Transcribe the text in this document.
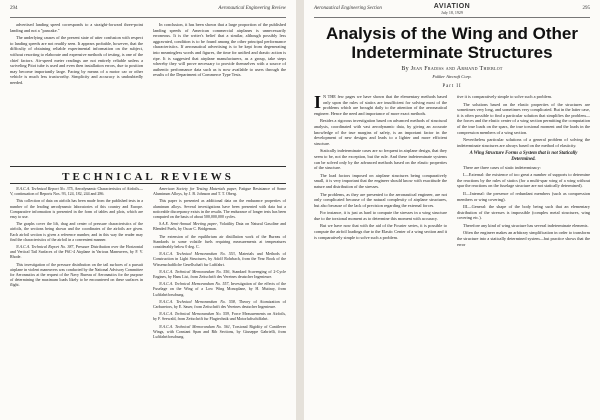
294	Aeronautical Engineering Review

advertised landing speed corresponds to a straight-forward three-point landing and not a "pancake."

The underlying causes of the present state of utter confusion with respect to landing speeds are not readily seen. It appears probable, however, that the difficulty of obtaining reliable experimental information on the subject, without resorting to elaborate and expensive methods of testing, is one of the chief factors. Air-speed meter readings are not entirely reliable unless a swiveling Pitot tube is used and even then installation errors, due to position may become importantly large. Facing by means of a motor car or other vehicle is much less trustworthy. Simplicity and accuracy is undoubtedly needed.

In conclusion, it has been shown that a large proportion of the published landing speeds of American commercial airplanes is unnecessarily erroneous. It is the writer's belief that a similar, although possibly less aggravated, condition is to be found among the other principal performance characteristics. If aeronautical advertising is to be kept from degenerating into meaningless words and figures, the time for unified and drastic action is ripe. It is suggested that airplane manufacturers, as a group, take steps whereby they will prove necessary to provide themselves with a source of authentic performance data such as is now available to users through the results of the Department of Commerce Type Tests.

TECHNICAL REVIEWS

N.A.C.A. Technical Report No. 375, Aerodynamic Characteristics of Airfoils—V, continuation of Reports Nos. 93, 124, 182, 244 and 286.

This collection of data on airfoils has been made from the published tests in a number of the leading aerodynamic laboratories of this country and Europe. Comparative information is presented in the form of tables and plots, which are easy to use.

The graphs cover the lift, drag and center of pressure characteristics of the airfoils, the sections being shown and the coordinates of the airfoils are given. Each airfoil section is given a reference number, and in this way the reader may find the characteristics of the airfoil in a convenient manner.

N.A.C.A. Technical Report No. 387, Pressure Distribution over the Horizontal and Vertical Tail Surfaces of the F6C-4 Airplane in Various Maneuvers, by F. V. Rhode.

This investigation of the pressure distribution on the tail surfaces of a pursuit airplane in violent maneuvers was conducted by the National Advisory Committee for Aeronautics at the request of the Navy Bureau of Aeronautics for the purpose of determining the maximum loads likely to be encountered on these surfaces in flight.

American Society for Testing Materials paper, Fatigue Resistance of Some Aluminum Alloys, by J. B. Johnson and T. T. Oberg.

This paper is presented as additional data on the endurance properties of aluminum alloys. Several investigations have been presented with data but a noticeable discrepancy exists in the results. The endurance of longer tests has been computed on the basis of about 500,000,000 cycles.

S.A.E. Semi-Annual Meeting paper, Volatility Data on Natural Gasoline and Blended Fuels, by Oscar C. Bridgeman.

The extension of the equilibrium air distillation work of the Bureau of Standards to some volatile fuels requiring measurements at temperatures considerably below 0 deg. C.

N.A.C.A. Technical Memorandum No. 553, Materials and Methods of Construction in Light Structures, by Adolf Rohrbach, from the Year Book of the Wissenschaftliche Gesellschaft fur Luftfahrt.

N.A.C.A. Technical Memorandum No. 556, Standard Scavenging of 2-Cycle Engines, by Hans List, from Zeitschrift des Vereines deutscher Ingenieure.

N.A.C.A. Technical Memorandum No. 557, Investigation of the effects of the Fuselage on the Wing of a Low Wing Monoplane, by H. Muttray, from Luftfahrtforschung.

N.A.C.A. Technical Memorandum No. 558, Theory of Atomization of Carburetors, by E. Sauer, from Zeitschrift des Vereines deutscher Ingenieure.

N.A.C.A. Technical Memorandum No. 559, Force Measurements on Airfoils, by F. Seewald, from Zeitschrift fur Flugtechnik und Motorluftschiffahrt.

N.A.C.A. Technical Memorandum No. 561, Torsional Rigidity of Cantilever Wings, with Constant Span and Rib Sections, by Giuseppe Gabrielli, from Luftfahrtforschung.

Aeronautical Engineering Section	AVIATION
July 18, 1929
295
Analysis of the Wing and Other Indeterminate Structures
By Jean Fradiss and Armand Thieblot
Fokker Aircraft Corp.
Part II

I N THE few pages we have shown that the elementary methods based only upon the rules of statics are insufficient for solving most of the problems which are brought daily to the attention of the aeronautical engineer. Hence the need and importance of more exact methods.

Besides a rigorous investigation based on advanced methods of structural analysis, coordinated with vast aerodynamic data, by giving an accurate knowledge of the true margins of safety, is an important factor in the development of new designs and leads to a lighter and more efficient structure.

Statically indeterminate cases are so frequent in airplane design, that they seem to be, not the exception, but the rule. And these indeterminate systems can be solved only by the advanced methods based on the elastic properties of the structure.

The load factors imposed on airplane structures being comparatively small, it is very important that the engineer should know with exactitude the nature and distribution of the stresses.

The problems, as they are presented to the aeronautical engineer, are not only complicated because of the natural complexity of airplane structures, but also because of the lack of precision regarding the external forces.

For instance, it is just as hard to compute the stresses in a wing structure due to the torsional moment as to determine this moment with accuracy.

But we have now that with the aid of the Fourier series, it is possible to compute the airfoil loadings due to the Elastic Center of a wing section and it is comparatively simple to solve such a problem.

tive it is comparatively simple to solve such a problem.

The solutions based on the elastic properties of the structures are sometimes very long, and sometimes very complicated. But in the latter case, it is often possible to find a particular solution that simplifies the problem—the forces and the elastic center of a wing section permitting the computation of the true loads on the spars, the true torsional moment and the loads in the compression members of a wing section.

Nevertheless particular solutions of a general problem of solving the indeterminate structures are always based on the method of elasticity.

A Wing Structure Forms a System that is not Statically Determined.

There are three cases of static indeterminacy:

I—External: the existence of too great a number of supports to determine the reactions by the rules of statics (for a multi-spar wing of a wing without spar the reactions on the fuselage structure are not statically determined).

II—Internal: the presence of redundant members (such as compression members or wing covering).

III—General: the shape of the body being such that an elementary distribution of the stresses is impossible (complex metal structures, wing covering etc.).

Therefore any kind of wing structure has several indeterminate elements.

Often the engineer makes an arbitrary simplification in order to transform the structure into a statically determined system—but practice shows that the error
